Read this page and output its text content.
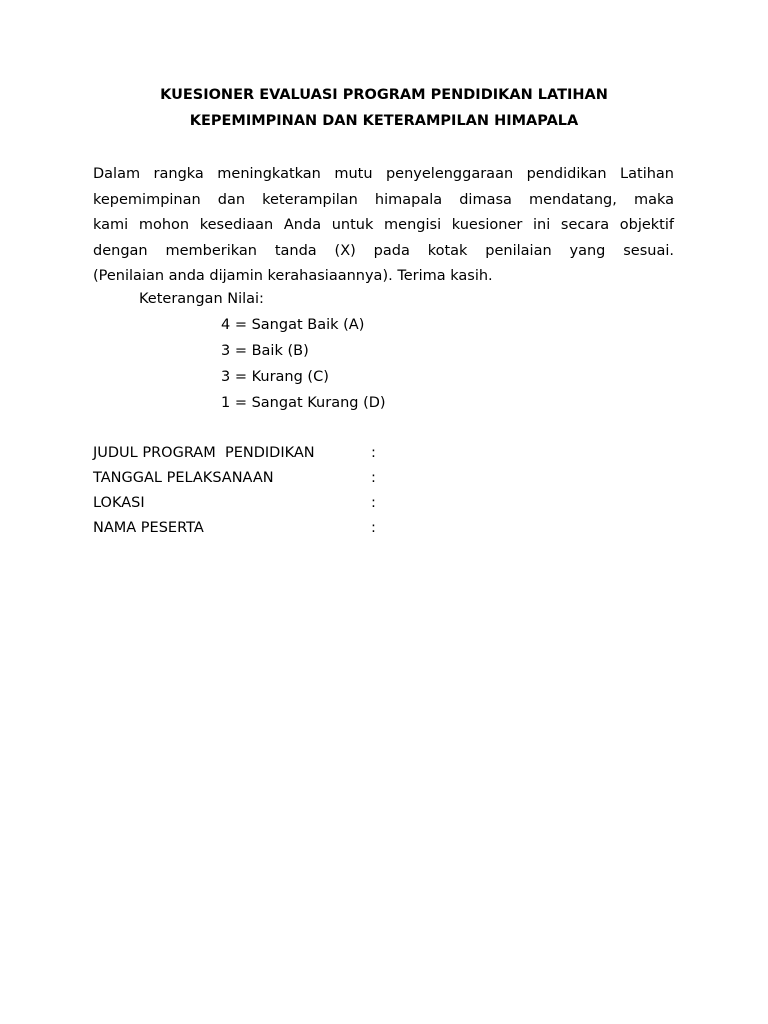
KUESIONER EVALUASI PROGRAM PENDIDIKAN LATIHAN
KEPEMIMPINAN DAN KETERAMPILAN HIMAPALA
Dalam rangka meningkatkan mutu penyelenggaraan pendidikan Latihan
kepemimpinan dan keterampilan himapala dimasa mendatang, maka
kami mohon kesediaan Anda untuk mengisi kuesioner ini secara objektif
dengan memberikan tanda (X) pada kotak penilaian yang sesuai.
(Penilaian anda dijamin kerahasiaannya). Terima kasih.
Keterangan Nilai:
4 = Sangat Baik (A)
3 = Baik (B)
3 = Kurang (C)
1 = Sangat Kurang (D)
JUDUL PROGRAM  PENDIDIKAN	:
TANGGAL PELAKSANAAN	:
LOKASI	:
NAMA PESERTA	:
